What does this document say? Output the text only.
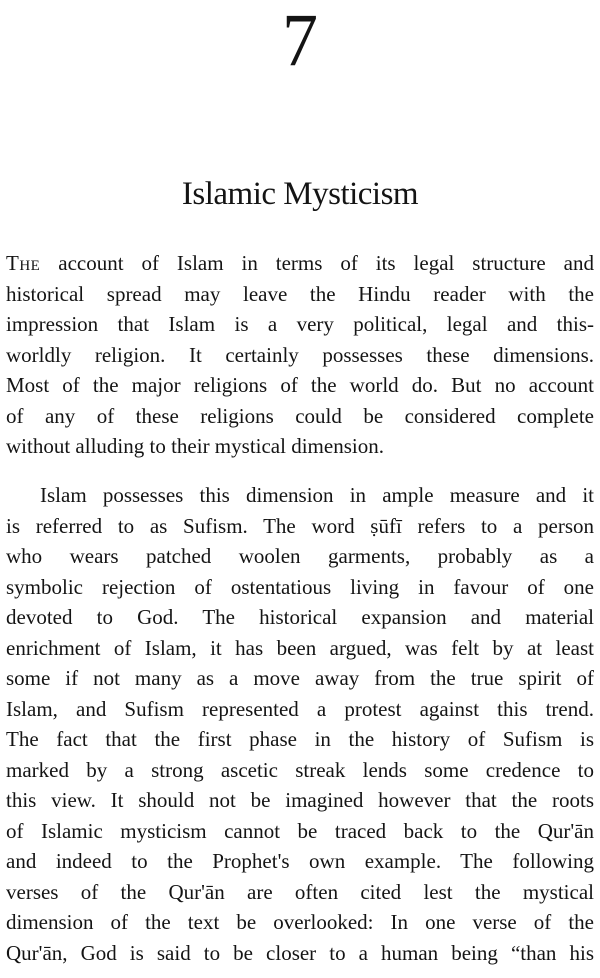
7
Islamic Mysticism
The account of Islam in terms of its legal structure and
historical spread may leave the Hindu reader with the
impression that Islam is a very political, legal and this-
worldly religion. It certainly possesses these dimensions.
Most of the major religions of the world do. But no account
of any of these religions could be considered complete
without alluding to their mystical dimension.
Islam possesses this dimension in ample measure and it
is referred to as Sufism. The word ṣūfī refers to a person
who wears patched woolen garments, probably as a
symbolic rejection of ostentatious living in favour of one
devoted to God. The historical expansion and material
enrichment of Islam, it has been argued, was felt by at least
some if not many as a move away from the true spirit of
Islam, and Sufism represented a protest against this trend.
The fact that the first phase in the history of Sufism is
marked by a strong ascetic streak lends some credence to
this view. It should not be imagined however that the roots
of Islamic mysticism cannot be traced back to the Qur'ān
and indeed to the Prophet's own example. The following
verses of the Qur'ān are often cited lest the mystical
dimension of the text be overlooked: In one verse of the
Qur'ān, God is said to be closer to a human being “than his
